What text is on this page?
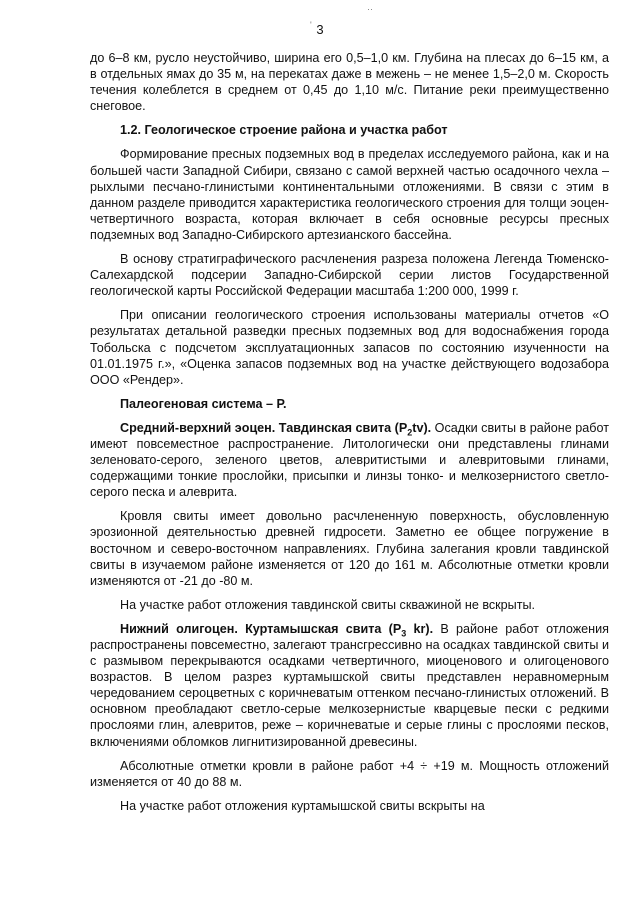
3
'
··

до 6–8 км, русло неустойчиво, ширина его 0,5–1,0 км. Глубина на плесах до 6–15 км, а в отдельных ямах до 35 м, на перекатах даже в межень – не менее 1,5–2,0 м. Скорость течения колеблется в среднем от 0,45 до 1,10 м/с. Питание реки преимущественно снеговое.

1.2. Геологическое строение района и участка работ

Формирование пресных подземных вод в пределах исследуемого района, как и на большей части Западной Сибири, связано с самой верхней частью осадочного чехла – рыхлыми песчано-глинистыми континентальными отложениями. В связи с этим в данном разделе приводится характеристика геологического строения для толщи эоцен-четвертичного возраста, которая включает в себя основные ресурсы пресных подземных вод Западно-Сибирского артезианского бассейна.

В основу стратиграфического расчленения разреза положена Легенда Тюменско-Салехардской подсерии Западно-Сибирской серии листов Государственной геологической карты Российской Федерации масштаба 1:200 000, 1999 г.

При описании геологического строения использованы материалы отчетов «О результатах детальной разведки пресных подземных вод для водоснабжения города Тобольска с подсчетом эксплуатационных запасов по состоянию изученности на 01.01.1975 г.», «Оценка запасов подземных вод на участке действующего водозабора ООО «Рендер».

Палеогеновая система – Р.

Средний-верхний эоцен. Тавдинская свита $(Р_2tv)$. Осадки свиты в районе работ имеют повсеместное распространение. Литологически они представлены глинами зеленовато-серого, зеленого цветов, алевритистыми и алевритовыми глинами, содержащими тонкие прослойки, присыпки и линзы тонко- и мелкозернистого светло-серого песка и алеврита.

Кровля свиты имеет довольно расчлененную поверхность, обусловленную эрозионной деятельностью древней гидросети. Заметно ее общее погружение в восточном и северо-восточном направлениях. Глубина залегания кровли тавдинской свиты в изучаемом районе изменяется от 120 до 161 м. Абсолютные отметки кровли изменяются от -21 до -80 м.

На участке работ отложения тавдинской свиты скважиной не вскрыты.

Нижний олигоцен. Куртамышская свита ($Р_3$ kr). В районе работ отложения распространены повсеместно, залегают трансгрессивно на осадках тавдинской свиты и с размывом перекрываются осадками четвертичного, миоценового и олигоценового возрастов. В целом разрез куртамышской свиты представлен неравномерным чередованием сероцветных с коричневатым оттенком песчано-глинистых отложений. В основном преобладают светло-серые мелкозернистые кварцевые пески с редкими прослоями глин, алевритов, реже – коричневатые и серые глины с прослоями песков, включениями обломков лигнитизированной древесины.

Абсолютные отметки кровли в районе работ +4 ÷ +19 м. Мощность отложений изменяется от 40 до 88 м.

На участке работ отложения куртамышской свиты вскрыты на
